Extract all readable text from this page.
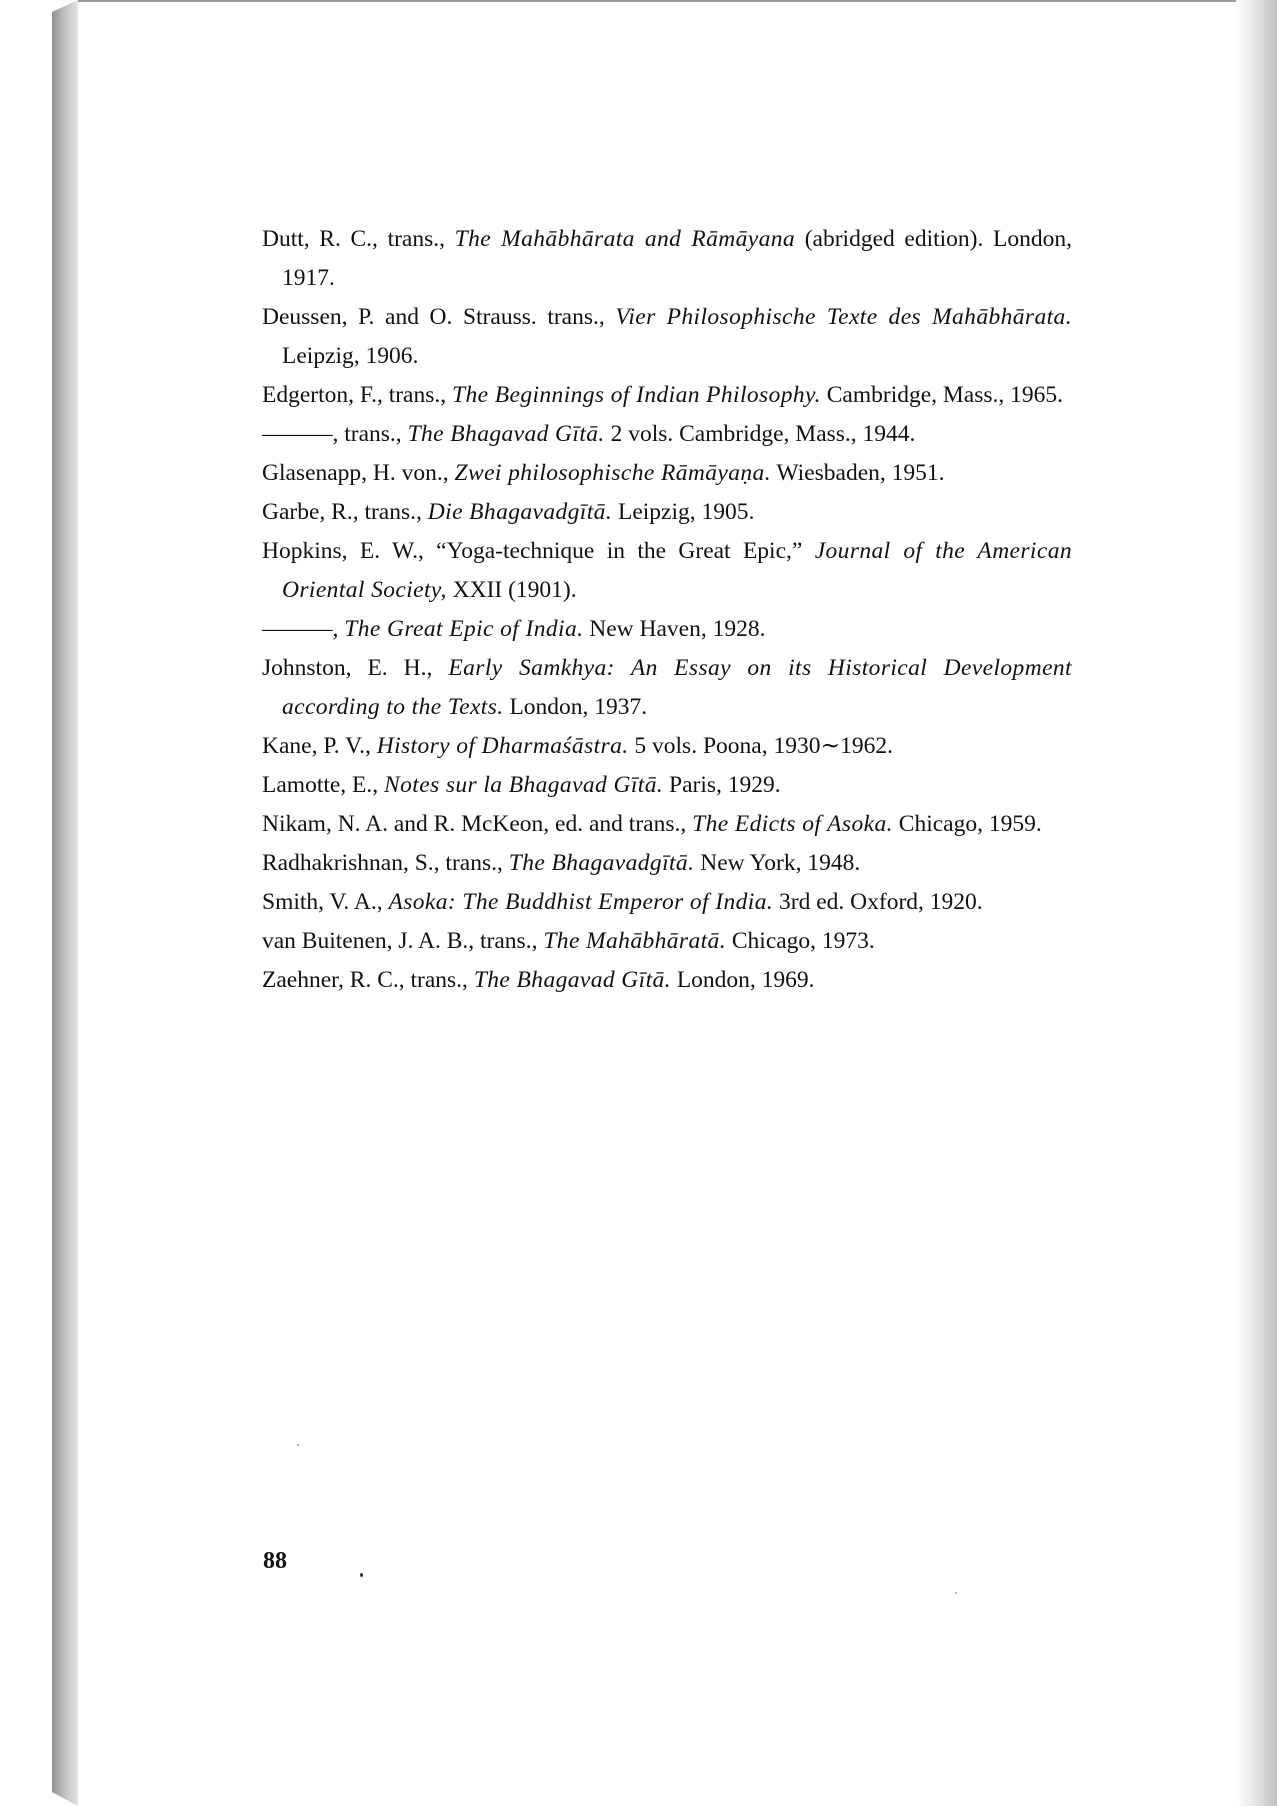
Dutt, R. C., trans., The Mahābhārata and Rāmāyana (abridged edition). London, 1917.

Deussen, P. and O. Strauss. trans., Vier Philosophische Texte des Mahābhārata. Leipzig, 1906.

Edgerton, F., trans., The Beginnings of Indian Philosophy. Cambridge, Mass., 1965.

———, trans., The Bhagavad Gītā. 2 vols. Cambridge, Mass., 1944.

Glasenapp, H. von., Zwei philosophische Rāmāyaṇa. Wiesbaden, 1951.

Garbe, R., trans., Die Bhagavadgītā. Leipzig, 1905.

Hopkins, E. W., “Yoga-technique in the Great Epic,” Journal of the American Oriental Society, XXII (1901).

———, The Great Epic of India. New Haven, 1928.

Johnston, E. H., Early Samkhya: An Essay on its Historical Development according to the Texts. London, 1937.

Kane, P. V., History of Dharmaśāstra. 5 vols. Poona, 1930∼1962.

Lamotte, E., Notes sur la Bhagavad Gītā. Paris, 1929.

Nikam, N. A. and R. McKeon, ed. and trans., The Edicts of Asoka. Chicago, 1959.

Radhakrishnan, S., trans., The Bhagavadgītā. New York, 1948.

Smith, V. A., Asoka: The Buddhist Emperor of India. 3rd ed. Oxford, 1920.

van Buitenen, J. A. B., trans., The Mahābhāratā. Chicago, 1973.

Zaehner, R. C., trans., The Bhagavad Gītā. London, 1969.

88
